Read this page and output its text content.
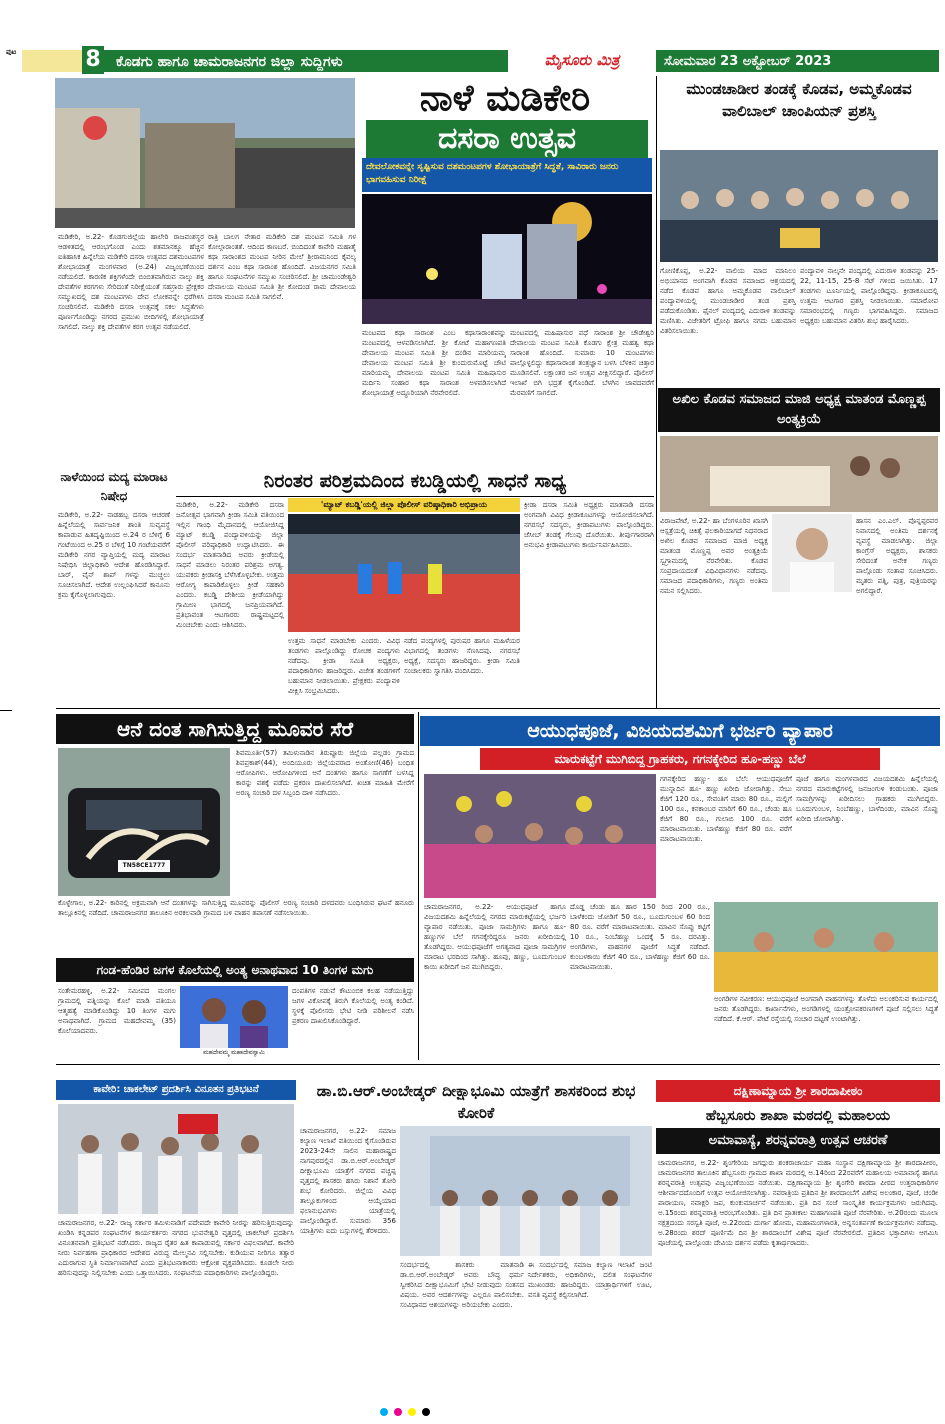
ಪುಟ	8 ಕೊಡಗು ಹಾಗೂ ಚಾಮರಾಜನಗರ ಜಿಲ್ಲಾ ಸುದ್ದಿಗಳು	ಮೈಸೂರು ಮಿತ್ರ	ಸೋಮವಾರ 23 ಅಕ್ಟೋಬರ್ 2023
ನಾಳೆ ಮಡಿಕೇರಿ
ದಸರಾ ಉತ್ಸವ
ದೇವಲೋಕವನ್ನೇ ಸೃಷ್ಟಿಸುವ ದಶಮಂಟಪಗಳ ಶೋಭಾಯಾತ್ರೆಗೆ ಸಿದ್ಧತೆ, ಸಾವಿರಾರು ಜನರು ಭಾಗವಹಿಸುವ ನಿರೀಕ್ಷೆ
ಮಡಿಕೇರಿ, ಅ.22- ಕೊಡಗುಜಿಲ್ಲೆಯ ಹಾಲೇರಿ ರಾಜವಂಶಸ್ಥರ ಆಡಳಿತದಲ್ಲಿ ಆರಂಭಗೊಂಡ ಎಂದು ಶತಮಾನಕ್ಕೂ ಹೆಚ್ಚಿನ ಐತಿಹಾಸಿಕ ಹಿನ್ನೆಲೆಯ ಮಡಿಕೇರಿ ದಸರಾ ಉತ್ಸವದ ದಶಮಂಟಪಗಳ ಶೋಭಾಯಾತ್ರೆ ಮಂಗಳವಾರ (ಅ.24) ವಿಜೃಂಭಣೆಯಿಂದ ನಡೆಯಲಿದೆ. ಕಾರಣಿಕ ಶಕ್ತಿಗಳೆಂದೇ ಬಿಂಬಿತವಾಗಿರುವ ನಾಲ್ಕು ಶಕ್ತಿ ದೇವತೆಗಳ ಕರಗಗಳು ಸೇರಿದಂತೆ ನಿರೀಕ್ಷೆಯಂತೆ ಸಹಸ್ರಾರು ಪ್ರೇಕ್ಷಕರ ಸಮ್ಮುಖದಲ್ಲಿ ದಶ ಮಂಟಪಗಳು ದೇವ ಲೋಕವನ್ನೇ ಧರೆಗಿಳಿಸಿ ಸಂಚರಿಸಲಿವೆ. ಮಡಿಕೇರಿ ದಸರಾ ಉತ್ಸವಕ್ಕೆ ಸಕಲ ಸಿದ್ಧತೆಗಳು ಪೂರ್ಣಗೊಂಡಿದ್ದು ನಗರದ ಪ್ರಮುಖ ಬೀದಿಗಳಲ್ಲಿ ಶೋಭಾಯಾತ್ರೆ ಸಾಗಲಿದೆ. ನಾಲ್ಕು ಶಕ್ತಿ ದೇವತೆಗಳ ಕರಗ ಉತ್ಸವ ನಡೆಯಲಿದೆ.
ರಾತ್ರಿ ಬಾಲಗ ನೇತಾರ ಮಡಿಕೇರಿ ದಶ ಮಂಟಪ ಸಮಿತಿ ಗಳ ಕೋಲ್ಗಾರಾಂತತೆ. ಆದಿಂದ ಕಾಣಬರೆ. ಬಿಂದಿದಂತೆ ಕಾವೇರಿ ಮಹಾತ್ಮೆ ಕಥಾ ಸಾರಾಂಶದ ಮಂಟಪ ನೀರಿನ ಮೇಲೆ ಶ್ರೀರಾಮನಿಂದ ಕೈವಲ್ಯ ದರ್ಶನ ಎಂಬ ಕಥಾ ಸಾರಾಂಶ ಹೊಂದಿದೆ. ವಿಜಯನಗರ ಸಮಿತಿ ಹಾಗೂ ಸಂಘಟನೆಗಳ ಸಮ್ಮುಖ ಸಂಚರಿಸಲಿದೆ. ಶ್ರೀ ಚಾಮುಂಡೇಶ್ವರಿ ದೇವಾಲಯ ಮಂಟಪ ಸಮಿತಿ ಶ್ರೀ ಕೋದಂಡ ರಾಮ ದೇವಾಲಯ ದಸರಾ ಮಂಟಪ ಸಮಿತಿ ಸಾಗಲಿವೆ.
ಮಂಟಪದ ಕಥಾ ಸಾರಾಂಶ ಎಂಬ ಕಥಾಸಾರಾಂಶವನ್ನು ಮಂಟಪದಲ್ಲಿ ಆಳವಡಿಸಲಾಗಿದೆ. ಶ್ರೀ ಕೋಟೆ ಮಹಾಗಣಪತಿ ದೇವಾಲಯ ಮಂಟಪ ಸಮಿತಿ ಶ್ರೀ ದಂಡಿನ ಮಾರಿಯಮ್ಮ ದೇವಾಲಯ ಮಂಟಪ ಸಮಿತಿ ಶ್ರೀ ಕುಂದುರುಮೊಟ್ಟೆ ಚೌಟಿ ಮಾರಿಯಮ್ಮ ದೇವಾಲಯ ಮಂಟಪ ಸಮಿತಿ ಮಹಿಷಾಸುರ ಮರ್ದಿನಿ ಸಂಹಾರ ಕಥಾ ಸಾರಾಂಶ ಅಳವಡಿಸಲಾಗಿದೆ ಶೋಭಾಯಾತ್ರೆ ಅದ್ಧೂರಿಯಾಗಿ ನೆರವೇರಲಿದೆ.
ಮಂಟಪದಲ್ಲಿ ಮಹಿಷಾಸುರ ವಧೆ ಸಾರಾಂಶ ಶ್ರೀ ಚೌಡೇಶ್ವರಿ ದೇವಾಲಯ ಮಂಟಪ ಸಮಿತಿ ಕೊಡಗು ಕ್ಷೇತ್ರ ಮಹತ್ವ ಕಥಾ ಸಾರಾಂಶ ಹೊಂದಿದೆ. ಸುಮಾರು 10 ಮಂಟಪಗಳು ಪಾಲ್ಗೊಳ್ಳಲಿದ್ದು ಕಥಾಸಾರಾಂಶ ತಂತ್ರಜ್ಞಾನ ಬಳಸಿ ಬೆಳಕಿನ ಚಿತ್ತಾರ ಮೂಡಿಸಲಿವೆ. ಲಕ್ಷಾಂತರ ಜನ ಉತ್ಸವ ವೀಕ್ಷಿಸಲಿದ್ದಾರೆ. ಪೊಲೀಸ್ ಇಲಾಖೆ ಬಿಗಿ ಭದ್ರತೆ ಕೈಗೊಂಡಿದೆ. ಬೆಳಗಿನ ಜಾವದವರೆಗೆ ಮೆರವಣಿಗೆ ಸಾಗಲಿದೆ.
ಮುಂಡಚಾಡೀರ ತಂಡಕ್ಕೆ ಕೊಡವ, ಅಮ್ಮಕೊಡವ ವಾಲಿಬಾಲ್ ಚಾಂಪಿಯನ್ ಪ್ರಶಸ್ತಿ
ಗೋಣಿಕೊಪ್ಪ, ಅ.22- ವಾಲಿಯ ಮಾದ ಮಾನಿಲಂ ಅಭಿಯಾನದ ಅಂಗವಾಗಿ ಕೊಡವ ಸಮಾಜದ ಆಶ್ರಯದಲ್ಲಿ ನಡೆದ ಕೊಡವ ಹಾಗೂ ಅಮ್ಮಕೊಡವ ವಾಲಿಬಾಲ್ ಪಂದ್ಯಾವಳಿಯಲ್ಲಿ ಮುಂಡಚಾಡೀರ ತಂಡ ಪ್ರಶಸ್ತಿ ಪಡೆದುಕೊಂಡಿತು. ಫೈನಲ್ ಪಂದ್ಯದಲ್ಲಿ ಎದುರಾಳಿ ತಂಡವನ್ನು ಮಣಿಸಿತು. ವಿಜೇತರಿಗೆ ಟ್ರೋಫಿ ಹಾಗೂ ನಗದು ಬಹುಮಾನ ವಿತರಿಸಲಾಯಿತು.
ಪಂದ್ಯಾವಳಿ ನಾಲ್ಕನೇ ಪಂದ್ಯದಲ್ಲಿ ಎದುರಾಳಿ ತಂಡವನ್ನು 25-22, 11-15, 25-8 ಸೆಟ್ ಗಳಿಂದ ಜಯಿಸಿತು. 17 ತಂಡಗಳು ಟೂರ್ನಿಯಲ್ಲಿ ಪಾಲ್ಗೊಂಡಿದ್ದವು. ಕ್ರೀಡಾಕೂಟದಲ್ಲಿ ಉತ್ತಮ ಆಟಗಾರ ಪ್ರಶಸ್ತಿ ನೀಡಲಾಯಿತು. ಸಮಾರೋಪ ಸಮಾರಂಭದಲ್ಲಿ ಗಣ್ಯರು ಭಾಗವಹಿಸಿದ್ದರು. ಸಮಾಜದ ಅಧ್ಯಕ್ಷರು ಬಹುಮಾನ ವಿತರಿಸಿ ಶುಭ ಹಾರೈಸಿದರು.
ಅಖಿಲ ಕೊಡವ ಸಮಾಜದ ಮಾಜಿ ಅಧ್ಯಕ್ಷ ಮಾತಂಡ ಮೊಣ್ಣಪ್ಪ ಅಂತ್ಯಕ್ರಿಯೆ
ವಿರಾಜಪೇಟೆ, ಅ.22- ಹಾ ಬೆಂಗಳೂರಿನ ಖಾಸಗಿ ಆಸ್ಪತ್ರೆಯಲ್ಲಿ ಚಿಕಿತ್ಸೆ ಫಲಕಾರಿಯಾಗದೆ ನಿಧನರಾದ ಅಖಿಲ ಕೊಡವ ಸಮಾಜದ ಮಾಜಿ ಅಧ್ಯಕ್ಷ ಮಾತಂಡ ಮೊಣ್ಣಪ್ಪ ಅವರ ಅಂತ್ಯಕ್ರಿಯೆ ಸ್ವಗ್ರಾಮದಲ್ಲಿ ನೆರವೇರಿತು. ಕೊಡವ ಸಂಪ್ರದಾಯದಂತೆ ವಿಧಿವಿಧಾನಗಳು ನಡೆದವು. ಸಮಾಜದ ಪದಾಧಿಕಾರಿಗಳು, ಗಣ್ಯರು ಅಂತಿಮ ನಮನ ಸಲ್ಲಿಸಿದರು.
ಹಾಸನ ಎಂ.ಎಲ್. ಪೊನ್ನಪ್ಪರವರ ನಿವಾಸದಲ್ಲಿ ಅಂತಿಮ ದರ್ಶನಕ್ಕೆ ವ್ಯವಸ್ಥೆ ಮಾಡಲಾಗಿತ್ತು. ಜಿಲ್ಲಾ ಕಾಂಗ್ರೆಸ್ ಅಧ್ಯಕ್ಷರು, ಶಾಸಕರು ಸೇರಿದಂತೆ ಅನೇಕ ಗಣ್ಯರು ಪಾಲ್ಗೊಂಡು ಸಂತಾಪ ಸೂಚಿಸಿದರು. ಮೃತರು ಪತ್ನಿ, ಪುತ್ರ, ಪುತ್ರಿಯರನ್ನು ಅಗಲಿದ್ದಾರೆ.
ನಾಳೆಯಿಂದ ಮದ್ಯ ಮಾರಾಟ ನಿಷೇಧ
ಮಡಿಕೇರಿ, ಅ.22- ನಾಡಹಬ್ಬ ದಸರಾ ಆಚರಣೆ ಹಿನ್ನೆಲೆಯಲ್ಲಿ ಸಾರ್ವಜನಿಕ ಶಾಂತಿ ಸುವ್ಯವಸ್ಥೆ ಕಾಪಾಡುವ ಹಿತದೃಷ್ಟಿಯಿಂದ ಅ.24 ರ ಬೆಳಿಗ್ಗೆ 6 ಗಂಟೆಯಿಂದ ಅ.25 ರ ಬೆಳಿಗ್ಗೆ 10 ಗಂಟೆಯವರೆಗೆ ಮಡಿಕೇರಿ ನಗರ ವ್ಯಾಪ್ತಿಯಲ್ಲಿ ಮದ್ಯ ಮಾರಾಟ ನಿಷೇಧಿಸಿ ಜಿಲ್ಲಾಧಿಕಾರಿ ಆದೇಶ ಹೊರಡಿಸಿದ್ದಾರೆ. ಬಾರ್, ವೈನ್ ಶಾಪ್ ಗಳನ್ನು ಮುಚ್ಚಲು ಸೂಚಿಸಲಾಗಿದೆ. ಆದೇಶ ಉಲ್ಲಂಘಿಸಿದರೆ ಕಾನೂನು ಕ್ರಮ ಕೈಗೊಳ್ಳಲಾಗುವುದು.
ನಿರಂತರ ಪರಿಶ್ರಮದಿಂದ ಕಬಡ್ಡಿಯಲ್ಲಿ ಸಾಧನೆ ಸಾಧ್ಯ
ಮಡಿಕೇರಿ, ಅ.22- ಮಡಿಕೇರಿ ದಸರಾ ಜನೋತ್ಸವ ಭಾಗವಾಗಿ ಕ್ರೀಡಾ ಸಮಿತಿ ವತಿಯಿಂದ ಇಲ್ಲಿನ ಗಾಂಧಿ ಮೈದಾನದಲ್ಲಿ ಆಯೋಜಿಸಿದ್ದ ಮ್ಯಾಟ್ ಕಬಡ್ಡಿ ಪಂದ್ಯಾವಳಿಯನ್ನು ಜಿಲ್ಲಾ ಪೊಲೀಸ್ ವರಿಷ್ಠಾಧಿಕಾರಿ ಉದ್ಘಾಟಿಸಿದರು. ಈ ಸಂದರ್ಭ ಮಾತನಾಡಿದ ಅವರು ಕ್ರೀಡೆಯಲ್ಲಿ ಸಾಧನೆ ಮಾಡಲು ನಿರಂತರ ಪರಿಶ್ರಮ ಅಗತ್ಯ. ಯುವಕರು ಕ್ರೀಡಾಸಕ್ತಿ ಬೆಳೆಸಿಕೊಳ್ಳಬೇಕು. ಉತ್ತಮ ಆರೋಗ್ಯ ಕಾಪಾಡಿಕೊಳ್ಳಲು ಕ್ರೀಡೆ ಸಹಕಾರಿ ಎಂದರು. ಕಬಡ್ಡಿ ದೇಶೀಯ ಕ್ರೀಡೆಯಾಗಿದ್ದು ಗ್ರಾಮೀಣ ಭಾಗದಲ್ಲಿ ಜನಪ್ರಿಯವಾಗಿದೆ. ಪ್ರತಿಭಾವಂತ ಆಟಗಾರರು ರಾಷ್ಟ್ರಮಟ್ಟದಲ್ಲಿ ಮಿಂಚಬೇಕು ಎಂದು ಆಶಿಸಿದರು.
'ಮ್ಯಾಟ್ ಕಬಡ್ಡಿ'ಯಲ್ಲಿ ಜಿಲ್ಲಾ ಪೊಲೀಸ್ ವರಿಷ್ಠಾಧಿಕಾರಿ ಅಭಿಪ್ರಾಯ
ಉತ್ತಮ ಸಾಧನೆ ಮಾಡಬೇಕು ಎಂದರು. ವಿವಿಧ ತಂಡಗಳು ಪಾಲ್ಗೊಂಡಿದ್ದು ರೋಚಕ ಪಂದ್ಯಗಳು ನಡೆದವು. ಕ್ರೀಡಾ ಸಮಿತಿ ಅಧ್ಯಕ್ಷರು, ಪದಾಧಿಕಾರಿಗಳು ಹಾಜರಿದ್ದರು. ವಿಜೇತ ತಂಡಗಳಿಗೆ ಬಹುಮಾನ ನೀಡಲಾಯಿತು. ಪ್ರೇಕ್ಷಕರು ಪಂದ್ಯಾವಳಿ ವೀಕ್ಷಿಸಿ ಸಂಭ್ರಮಿಸಿದರು.
ನಡೆದ ಪಂದ್ಯಗಳಲ್ಲಿ ಪುರುಷರ ಹಾಗೂ ಮಹಿಳೆಯರ ವಿಭಾಗದಲ್ಲಿ ತಂಡಗಳು ಸೆಣಸಿದವು. ನಗರಸಭೆ ಅಧ್ಯಕ್ಷೆ, ಸದಸ್ಯರು ಹಾಜರಿದ್ದರು. ಕ್ರೀಡಾ ಸಮಿತಿ ಸಂಚಾಲಕರು ಸ್ವಾಗತಿಸಿ ವಂದಿಸಿದರು.
ಕ್ರೀಡಾ ದಸರಾ ಸಮಿತಿ ಅಧ್ಯಕ್ಷರು ಮಾತನಾಡಿ ದಸರಾ ಅಂಗವಾಗಿ ವಿವಿಧ ಕ್ರೀಡಾಕೂಟಗಳನ್ನು ಆಯೋಜಿಸಲಾಗಿದೆ. ನಗರಸಭೆ ಸದಸ್ಯರು, ಕ್ರೀಡಾಪಟುಗಳು ಪಾಲ್ಗೊಂಡಿದ್ದರು. ಜೆಸೀಬ್ ತಂಡಕ್ಕೆ ಗೆಲುವು ದೊರೆಯಿತು. ತೀರ್ಪುಗಾರರಾಗಿ ಅನುಭವಿ ಕ್ರೀಡಾಪಟುಗಳು ಕಾರ್ಯನಿರ್ವಹಿಸಿದರು.
ಆನೆ ದಂತ ಸಾಗಿಸುತ್ತಿದ್ದ ಮೂವರ ಸೆರೆ
TN58CE1777
ಶಿವಮೂರ್ತಿ(57) ತಮಿಳುನಾಡಿನ ತಿರುಪ್ಪೂರು ಜಿಲ್ಲೆಯ ಪಲ್ಲಡಂ ಗ್ರಾಮದ ಶಿವಪ್ರಕಾಶ್(44), ಅಂದಿಯೂರು ಜಿಲ್ಲೆಯವರಾದ ಅಂತೋಣಿ(46) ಬಂಧಿತ ಆರೋಪಿಗಳು. ಆರೋಪಿಗಳಿಂದ ಆನೆ ದಂತಗಳು ಹಾಗೂ ಸಾಗಣೆಗೆ ಬಳಸಿದ್ದ ಕಾರನ್ನು ವಶಕ್ಕೆ ಪಡೆದು ಪ್ರಕರಣ ದಾಖಲಿಸಲಾಗಿದೆ. ಖಚಿತ ಮಾಹಿತಿ ಮೇರೆಗೆ ಅರಣ್ಯ ಸಂಚಾರಿ ದಳ ಸಿಬ್ಬಂದಿ ದಾಳಿ ನಡೆಸಿದರು.
ಕೊಳ್ಳೇಗಾಲ, ಅ.22- ಕಾರಿನಲ್ಲಿ ಅಕ್ರಮವಾಗಿ ಆನೆ ದಂತಗಳನ್ನು ಸಾಗಿಸುತ್ತಿದ್ದ ಮೂವರನ್ನು ಪೊಲೀಸ್ ಅರಣ್ಯ ಸಂಚಾರಿ ದಳದವರು ಬಂಧಿಸಿರುವ ಘಟನೆ ಹನೂರು ತಾಲ್ಲೂಕಿನಲ್ಲಿ ನಡೆದಿದೆ. ಚಾಮರಾಜನಗರ ತಾಲೂಕಿನ ಅರಕಲವಾಡಿ ಗ್ರಾಮದ ಬಳಿ ವಾಹನ ತಪಾಸಣೆ ನಡೆಸಲಾಯಿತು.
ಗಂಡ-ಹೆಂಡಿರ ಜಗಳ ಕೊಲೆಯಲ್ಲಿ ಅಂತ್ಯ ಅನಾಥವಾದ 10 ತಿಂಗಳ ಮಗು
ಸಂತೇಮರಹಳ್ಳಿ, ಅ.22- ಸಮೀಪದ ಮಂಗಲ ಗ್ರಾಮದಲ್ಲಿ ಪತ್ನಿಯನ್ನು ಕೊಲೆ ಮಾಡಿ ಪತಿಯೂ ಆತ್ಮಹತ್ಯೆ ಮಾಡಿಕೊಂಡಿದ್ದು 10 ತಿಂಗಳ ಮಗು ಅನಾಥವಾಗಿದೆ. ಗ್ರಾಮದ ಮಹದೇವಮ್ಮ (35) ಕೊಲೆಯಾದವರು.
ಮಹದೇವಮ್ಮ ಮಹಾದೇವಸ್ವಾಮಿ
ದಂಪತಿಗಳ ನಡುವೆ ಕೌಟುಂಬಿಕ ಕಲಹ ನಡೆಯುತ್ತಿದ್ದು ಜಗಳ ವಿಕೋಪಕ್ಕೆ ತಿರುಗಿ ಕೊಲೆಯಲ್ಲಿ ಅಂತ್ಯ ಕಂಡಿದೆ. ಸ್ಥಳಕ್ಕೆ ಪೊಲೀಸರು ಭೇಟಿ ನೀಡಿ ಪರಿಶೀಲನೆ ನಡೆಸಿ ಪ್ರಕರಣ ದಾಖಲಿಸಿಕೊಂಡಿದ್ದಾರೆ.
ಆಯುಧಪೂಜೆ, ವಿಜಯದಶಮಿಗೆ ಭರ್ಜರಿ ವ್ಯಾಪಾರ
ಮಾರುಕಟ್ಟೆಗೆ ಮುಗಿಬಿದ್ದ ಗ್ರಾಹಕರು, ಗಗನಕ್ಕೇರಿದ ಹೂ-ಹಣ್ಣು ಬೆಲೆ
ಗಗನಕ್ಕೇರಿದ ಹಣ್ಣು- ಹೂ ಬೆಲೆ: ಆಯುಧಪೂಜೆಗೆ ಮುನ್ನಾದಿನ ಹೂ- ಹಣ್ಣು ಖರೀದಿ ಜೋರಾಗಿತ್ತು. ಸೇಬು ಕೆಜಿಗೆ 120 ರೂ., ಸೇವಂತಿಗೆ ಮಾರು 80 ರೂ., ಮಲ್ಲಿಗೆ 100 ರೂ., ಕನಕಾಂಬರ ಮಾರಿಗೆ 60 ರೂ., ಚೆಂಡು ಹೂ ಕೆಜಿಗೆ 80 ರೂ., ಗುಲಾಬಿ 100 ರೂ. ವರೆಗೆ ಮಾರಾಟವಾಯಿತು. ಬಾಳೆಹಣ್ಣು ಕೆಜಿಗೆ 80 ರೂ. ವರೆಗೆ ಮಾರಾಟವಾಯಿತು.
ಪೂಜೆ ಹಾಗೂ ಮಂಗಳವಾರದ ವಿಜಯದಶಮಿ ಹಿನ್ನೆಲೆಯಲ್ಲಿ ನಗರದ ಮಾರುಕಟ್ಟೆಗಳಲ್ಲಿ ಜನಜಂಗುಳಿ ಕಂಡುಬಂತು. ಪೂಜಾ ಸಾಮಗ್ರಿಗಳನ್ನು ಖರೀದಿಸಲು ಗ್ರಾಹಕರು ಮುಗಿಬಿದ್ದರು. ಬೂದುಗುಂಬಳ, ನಿಂಬೆಹಣ್ಣು, ಬಾಳೆದಿಂಡು, ಮಾವಿನ ಸೊಪ್ಪು ಖರೀದಿ ಜೋರಾಗಿತ್ತು.
ಚಾಮರಾಜನಗರ, ಅ.22- ಆಯುಧಪೂಜೆ ಹಾಗೂ ವಿಜಯದಶಮಿ ಹಿನ್ನೆಲೆಯಲ್ಲಿ ನಗರದ ಮಾರುಕಟ್ಟೆಯಲ್ಲಿ ಭರ್ಜರಿ ವ್ಯಾಪಾರ ನಡೆಯಿತು. ಪೂಜಾ ಸಾಮಗ್ರಿಗಳು ಹಾಗೂ ಹೂ-ಹಣ್ಣುಗಳ ಬೆಲೆ ಗಗನಕ್ಕೇರಿದ್ದರೂ ಜನರು ಖರೀದಿಯಲ್ಲಿ ತೊಡಗಿದ್ದರು. ಆಯುಧಪೂಜೆಗೆ ಅಗತ್ಯವಾದ ಪೂಜಾ ಸಾಮಗ್ರಿಗಳ ಮಾರಾಟ ಭರದಿಂದ ಸಾಗಿತ್ತು. ಹೂವು, ಹಣ್ಣು, ಬೂದುಗುಂಬಳ ಕಾಯಿ ಖರೀದಿಗೆ ಜನ ಮುಗಿಬಿದ್ದರು.
ದೊಡ್ಡ ಚೆಂಡು ಹೂ ಹಾರ 150 ರಿಂದ 200 ರೂ., ಬಾಳೆಕಂದು ಜೋಡಿಗೆ 50 ರೂ., ಬೂದುಗುಂಬಳ 60 ರಿಂದ 80 ರೂ. ವರೆಗೆ ಮಾರಾಟವಾಯಿತು. ಮಾವಿನ ಸೊಪ್ಪು ಕಟ್ಟಿಗೆ 10 ರೂ., ನಿಂಬೆಹಣ್ಣು ಒಂದಕ್ಕೆ 5 ರೂ. ದರವಿತ್ತು. ಅಂಗಡಿಗಳು, ವಾಹನಗಳ ಪೂಜೆಗೆ ಸಿದ್ಧತೆ ನಡೆದಿದೆ. ಕುಂಬಳಕಾಯಿ ಕೆಜಿಗೆ 40 ರೂ., ಬಾಳೆಹಣ್ಣು ಕೆಜಿಗೆ 60 ರೂ. ಮಾರಾಟವಾಯಿತು.
ಅಂಗಡಿಗಳ ನವೀಕರಣ: ಆಯುಧಪೂಜೆ ಅಂಗವಾಗಿ ವಾಹನಗಳನ್ನು ತೊಳೆದು ಅಲಂಕರಿಸುವ ಕಾರ್ಯದಲ್ಲಿ ಜನರು ತೊಡಗಿದ್ದರು. ಕಾರ್ಖಾನೆಗಳು, ಅಂಗಡಿಗಳಲ್ಲಿ ಯಂತ್ರೋಪಕರಣಗಳಿಗೆ ಪೂಜೆ ಸಲ್ಲಿಸಲು ಸಿದ್ಧತೆ ನಡೆದಿದೆ. ಕೆ.ಆರ್. ಪೇಟೆ ರಸ್ತೆಯಲ್ಲಿ ಸಂಚಾರ ದಟ್ಟಣೆ ಉಂಟಾಗಿತ್ತು.
ಕಾವೇರಿ: ಚಾಕಲೇಟ್ ಪ್ರದರ್ಶಿಸಿ ವಿನೂತನ ಪ್ರತಿಭಟನೆ
ಚಾಮರಾಜನಗರ, ಅ.22- ರಾಜ್ಯ ಸರ್ಕಾರ ತಮಿಳುನಾಡಿಗೆ ಪದೇಪದೇ ಕಾವೇರಿ ನೀರನ್ನು ಹರಿಸುತ್ತಿರುವುದನ್ನು ಖಂಡಿಸಿ ಕನ್ನಡಪರ ಸಂಘಟನೆಗಳ ಕಾರ್ಯಕರ್ತರು ನಗರದ ಭುವನೇಶ್ವರಿ ವೃತ್ತದಲ್ಲಿ ಚಾಕಲೇಟ್ ಪ್ರದರ್ಶಿಸಿ ವಿನೂತನವಾಗಿ ಪ್ರತಿಭಟನೆ ನಡೆಸಿದರು. ರಾಜ್ಯದ ರೈತರ ಹಿತ ಕಾಪಾಡುವಲ್ಲಿ ಸರ್ಕಾರ ವಿಫಲವಾಗಿದೆ. ಕಾವೇರಿ ನೀರು ನಿರ್ವಹಣಾ ಪ್ರಾಧಿಕಾರದ ಆದೇಶದ ವಿರುದ್ಧ ಮೇಲ್ಮನವಿ ಸಲ್ಲಿಸಬೇಕು. ಕುಡಿಯುವ ನೀರಿಗೂ ತತ್ವಾರ ಎದುರಾಗುವ ಸ್ಥಿತಿ ನಿರ್ಮಾಣವಾಗಿದೆ ಎಂದು ಪ್ರತಿಭಟನಾಕಾರರು ಆಕ್ರೋಶ ವ್ಯಕ್ತಪಡಿಸಿದರು. ಕೂಡಲೇ ನೀರು ಹರಿಸುವುದನ್ನು ನಿಲ್ಲಿಸಬೇಕು ಎಂದು ಒತ್ತಾಯಿಸಿದರು. ಸಂಘಟನೆಯ ಪದಾಧಿಕಾರಿಗಳು ಪಾಲ್ಗೊಂಡಿದ್ದರು.
ಡಾ.ಬಿ.ಆರ್.ಅಂಬೇಡ್ಕರ್ ದೀಕ್ಷಾಭೂಮಿ ಯಾತ್ರೆಗೆ ಶಾಸಕರಿಂದ ಶುಭ ಕೋರಿಕೆ
ಚಾಮರಾಜನಗರ, ಅ.22- ಸಮಾಜ ಕಲ್ಯಾಣ ಇಲಾಖೆ ವತಿಯಿಂದ ಕೈಗೊಂಡಿರುವ 2023-24ನೇ ಸಾಲಿನ ಮಹಾರಾಷ್ಟ್ರದ ನಾಗಪುರದಲ್ಲಿನ ಡಾ.ಬಿ.ಆರ್.ಅಂಬೇಡ್ಕರ್ ದೀಕ್ಷಾಭೂಮಿ ಯಾತ್ರೆಗೆ ನಗರದ ಪಚ್ಚಪ್ಪ ವೃತ್ತದಲ್ಲಿ ಶಾಸಕರು ಹಸಿರು ನಿಶಾನೆ ತೋರಿ ಶುಭ ಕೋರಿದರು. ಜಿಲ್ಲೆಯ ವಿವಿಧ ತಾಲ್ಲೂಕುಗಳಿಂದ ಆಯ್ಕೆಯಾದ ಫಲಾನುಭವಿಗಳು ಯಾತ್ರೆಯಲ್ಲಿ ಪಾಲ್ಗೊಂಡಿದ್ದಾರೆ. ಸುಮಾರು 356 ಯಾತ್ರಿಗಳು ಐದು ಬಸ್ಸುಗಳಲ್ಲಿ ತೆರಳಿದರು.
ಸಂದರ್ಭದಲ್ಲಿ ಶಾಸಕರು ಮಾತನಾಡಿ ಡಾ.ಬಿ.ಆರ್.ಅಂಬೇಡ್ಕರ್ ಅವರು ಬೌದ್ಧ ಧರ್ಮ ಸ್ವೀಕರಿಸಿದ ದೀಕ್ಷಾಭೂಮಿಗೆ ಭೇಟಿ ನೀಡುವುದು ಸಂತಸದ ವಿಷಯ. ಅವರ ಆದರ್ಶಗಳನ್ನು ಎಲ್ಲರೂ ಪಾಲಿಸಬೇಕು. ಸಂವಿಧಾನದ ಆಶಯಗಳನ್ನು ಅರಿಯಬೇಕು ಎಂದರು.
ಈ ಸಂದರ್ಭದಲ್ಲಿ ಸಮಾಜ ಕಲ್ಯಾಣ ಇಲಾಖೆ ಜಂಟಿ ನಿರ್ದೇಶಕರು, ಅಧಿಕಾರಿಗಳು, ದಲಿತ ಸಂಘಟನೆಗಳ ಮುಖಂಡರು ಹಾಜರಿದ್ದರು. ಯಾತ್ರಾರ್ಥಿಗಳಿಗೆ ಊಟ, ವಸತಿ ವ್ಯವಸ್ಥೆ ಕಲ್ಪಿಸಲಾಗಿದೆ.
ದಕ್ಷಿಣಾಮ್ನಾಯ ಶ್ರೀ ಶಾರದಾಪೀಠಂ
ಹೆಬ್ಬಸೂರು ಶಾಖಾ ಮಠದಲ್ಲಿ ಮಹಾಲಯ
ಅಮಾವಾಸ್ಯೆ, ಶರನ್ನವರಾತ್ರಿ ಉತ್ಸವ ಆಚರಣೆ
ಚಾಮರಾಜನಗರ, ಅ.22- ಶೃಂಗೇರಿಯ ಜಗದ್ಗುರು ಶಂಕರಾಚಾರ್ಯ ಮಹಾ ಸಂಸ್ಥಾನ ದಕ್ಷಿಣಾಮ್ನಾಯ ಶ್ರೀ ಶಾರದಾಪೀಠಂ, ಚಾಮರಾಜನಗರ ತಾಲೂಕಿನ ಹೆಬ್ಬಸೂರು ಗ್ರಾಮದ ಶಾಖಾ ಮಠದಲ್ಲಿ ಅ.14ರಿಂದ 22ರವರೆಗೆ ಮಹಾಲಯ ಅಮಾವಾಸ್ಯೆ ಹಾಗೂ ಶರನ್ನವರಾತ್ರಿ ಉತ್ಸವವು ವಿಜೃಂಭಣೆಯಿಂದ ನಡೆಯಿತು. ದಕ್ಷಿಣಾಮ್ನಾಯ ಶ್ರೀ ಶೃಂಗೇರಿ ಶಾರದಾ ಪೀಠದ ಉತ್ತರಾಧಿಕಾರಿಗಳ ಆಶೀರ್ವಾದದೊಂದಿಗೆ ಉತ್ಸವ ಆಯೋಜಿಸಲಾಗಿತ್ತು. ನವರಾತ್ರಿಯ ಪ್ರತಿದಿನ ಶ್ರೀ ಶಾರದಾಂಬೆಗೆ ವಿಶೇಷ ಅಲಂಕಾರ, ಪೂಜೆ, ಚಂಡೀ ಪಾರಾಯಣ, ನವಾಕ್ಷರಿ ಜಪ, ಕುಂಕುಮಾರ್ಚನೆ ನಡೆಯಿತು. ಪ್ರತಿ ದಿನ ಸಂಜೆ ಸಾಂಸ್ಕೃತಿಕ ಕಾರ್ಯಕ್ರಮಗಳು ಜರುಗಿದವು. ಅ.15ರಂದು ಶರನ್ನವರಾತ್ರಿ ಆರಂಭಗೊಂಡಿತು. ಪ್ರತಿ ದಿನ ಪ್ರಾತಃಕಾಲ ಮಹಾಗಣಪತಿ ಪೂಜೆ ನೆರವೇರಿತು. ಅ.20ರಂದು ಮೂಲಾ ನಕ್ಷತ್ರದಂದು ಸರಸ್ವತಿ ಪೂಜೆ, ಅ.22ರಂದು ದುರ್ಗಾ ಹೋಮ, ಮಹಾಮಂಗಳಾರತಿ, ಅನ್ನಸಂತರ್ಪಣೆ ಕಾರ್ಯಕ್ರಮಗಳು ನಡೆದವು. ಅ.28ರಂದು ಶರದ್ ಪೂರ್ಣಿಮೆ ದಿನ ಶ್ರೀ ಶಾರದಾಂಬೆಗೆ ವಿಶೇಷ ಪೂಜೆ ನೆರವೇರಲಿದೆ. ಪ್ರತಿದಿನ ಭಕ್ತಾದಿಗಳು ಆಗಮಿಸಿ ಪೂಜೆಯಲ್ಲಿ ಪಾಲ್ಗೊಂಡು ದೇವಿಯ ದರ್ಶನ ಪಡೆದು ಕೃತಾರ್ಥರಾದರು.
